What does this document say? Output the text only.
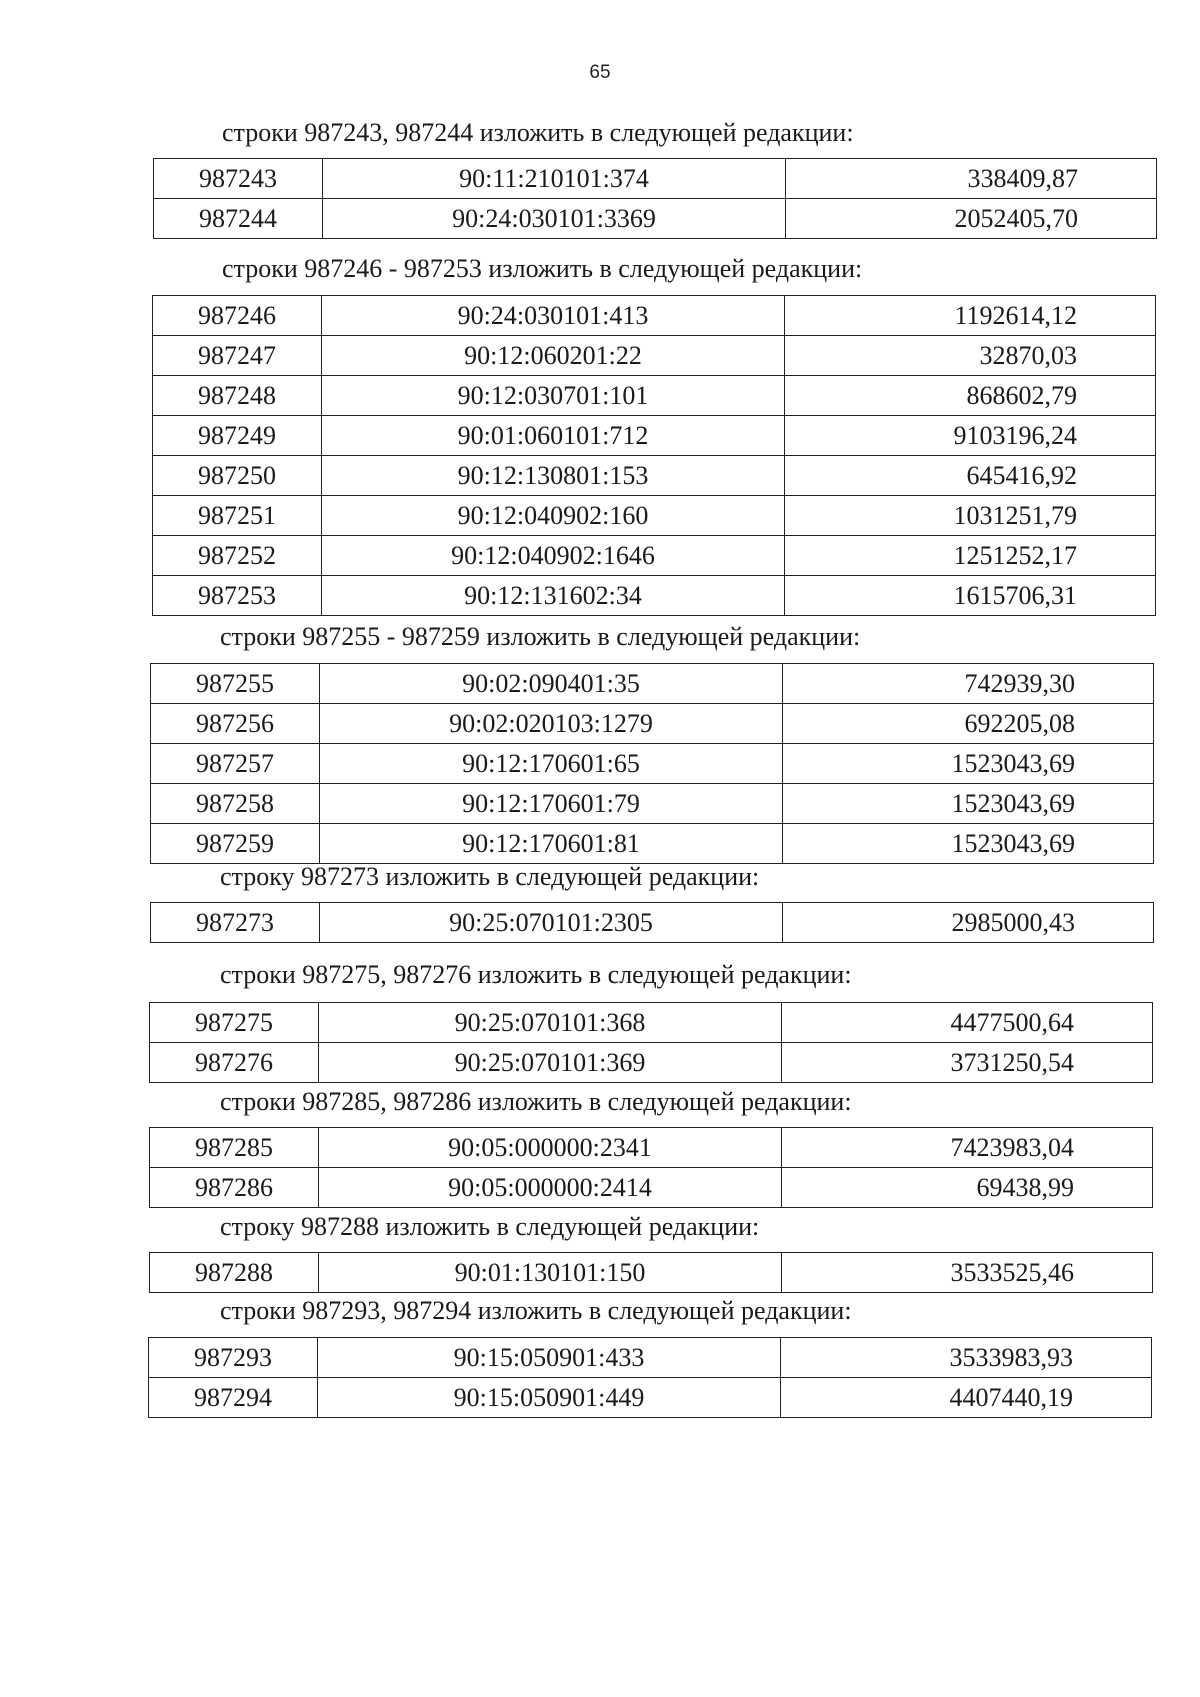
65
строки 987243, 987244 изложить в следующей редакции:
987243	90:11:210101:374	338409,87
987244	90:24:030101:3369	2052405,70
строки 987246 - 987253 изложить в следующей редакции:
987246	90:24:030101:413	1192614,12
987247	90:12:060201:22	32870,03
987248	90:12:030701:101	868602,79
987249	90:01:060101:712	9103196,24
987250	90:12:130801:153	645416,92
987251	90:12:040902:160	1031251,79
987252	90:12:040902:1646	1251252,17
987253	90:12:131602:34	1615706,31
строки 987255 - 987259 изложить в следующей редакции:
987255	90:02:090401:35	742939,30
987256	90:02:020103:1279	692205,08
987257	90:12:170601:65	1523043,69
987258	90:12:170601:79	1523043,69
987259	90:12:170601:81	1523043,69
строку 987273 изложить в следующей редакции:
987273	90:25:070101:2305	2985000,43
строки 987275, 987276 изложить в следующей редакции:
987275	90:25:070101:368	4477500,64
987276	90:25:070101:369	3731250,54
строки 987285, 987286 изложить в следующей редакции:
987285	90:05:000000:2341	7423983,04
987286	90:05:000000:2414	69438,99
строку 987288 изложить в следующей редакции:
987288	90:01:130101:150	3533525,46
строки 987293, 987294 изложить в следующей редакции:
987293	90:15:050901:433	3533983,93
987294	90:15:050901:449	4407440,19
